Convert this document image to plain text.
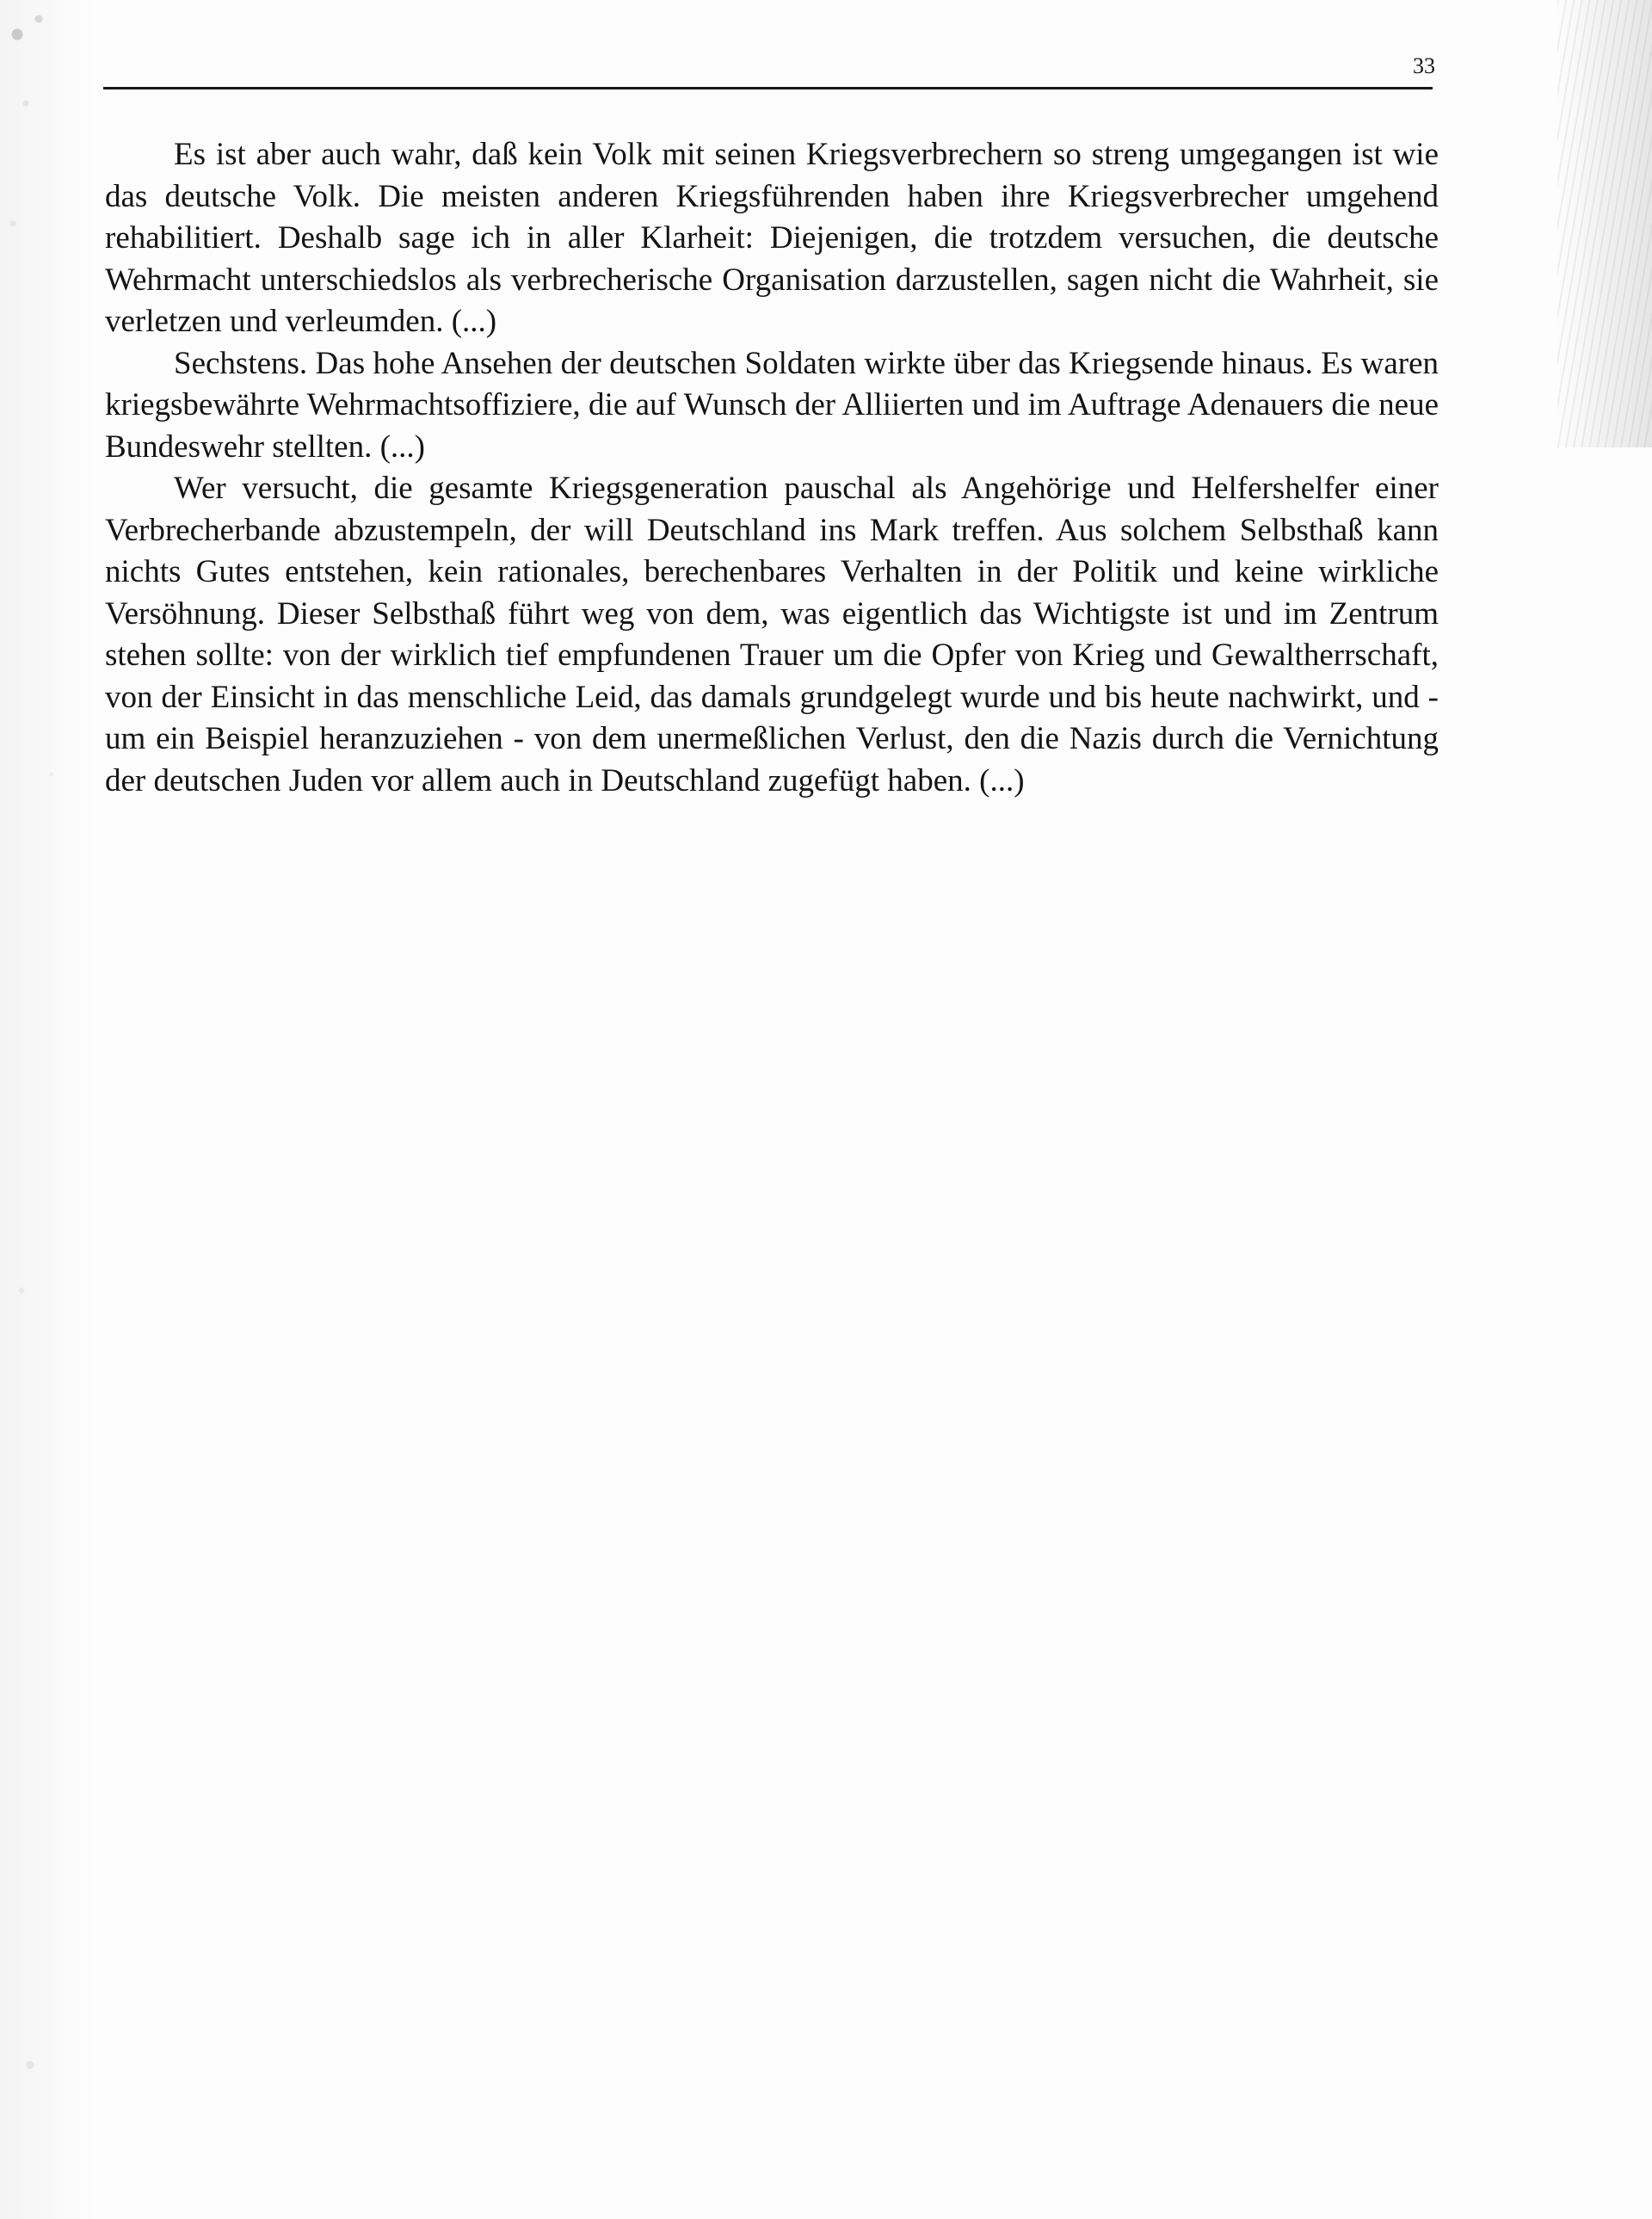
33

Es ist aber auch wahr, daß kein Volk mit seinen Kriegsverbrechern so streng umgegangen ist wie das deutsche Volk. Die meisten anderen Kriegsführenden haben ihre Kriegsverbrecher umgehend rehabilitiert. Deshalb sage ich in aller Klarheit: Diejenigen, die trotzdem versuchen, die deutsche Wehrmacht unterschiedslos als verbrecherische Organisation darzustellen, sagen nicht die Wahrheit, sie verletzen und verleumden. (...)

Sechstens. Das hohe Ansehen der deutschen Soldaten wirkte über das Kriegsende hinaus. Es waren kriegsbewährte Wehrmachtsoffiziere, die auf Wunsch der Alliierten und im Auftrage Adenauers die neue Bundeswehr stellten. (...)

Wer versucht, die gesamte Kriegsgeneration pauschal als Angehörige und Helfershelfer einer Verbrecherbande abzustempeln, der will Deutschland ins Mark treffen. Aus solchem Selbsthaß kann nichts Gutes entstehen, kein rationales, berechenbares Verhalten in der Politik und keine wirkliche Versöhnung. Dieser Selbsthaß führt weg von dem, was eigentlich das Wichtigste ist und im Zentrum stehen sollte: von der wirklich tief empfundenen Trauer um die Opfer von Krieg und Gewaltherrschaft, von der Einsicht in das menschliche Leid, das damals grundgelegt wurde und bis heute nachwirkt, und - um ein Beispiel heranzuziehen - von dem unermeßlichen Verlust, den die Nazis durch die Vernichtung der deutschen Juden vor allem auch in Deutschland zugefügt haben. (...)
